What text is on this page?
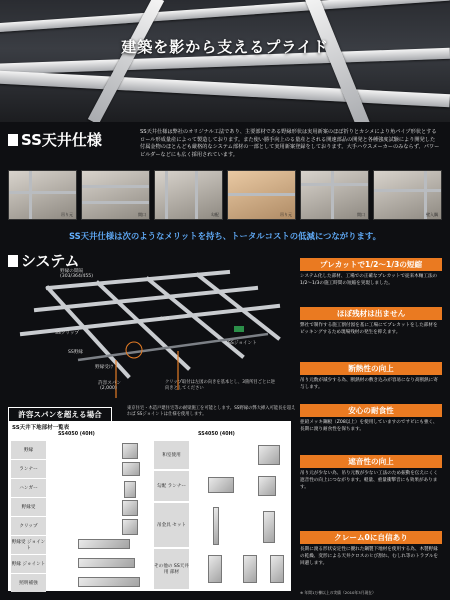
建築を影から支えるプライド
SS天井仕様	SS天井仕様は弊社のオリジナル工法であり、主要部材である野縁形状は実用新案のほぼ折りとカシメにより角パイプ形状とするロール形成量産によって製造しております。また使い勝手向上のる量産とされる開速部品の開発と各種強度試験により開発した付属金物のほとんども厳格的なシステム部材の一部として実用新案登録をしております。大手ハウスメーカーのみならず、パワービルダーなどにも広く採用されています。
吊り元	開口	勾配	吊り元	開口	壁入隅
SS天井仕様は次のようなメリットを持ち、トータルコストの低減につながります。
システム
野縁の間隔
(303/364/455)
SSクリップ
SS野縁
野縁受け
許容スパン
(2,000)
SSジョイント
900
クリップ取付は左図の向きを基本とし、3箇所目ごとに逆向きとしてください
プレカットで1/2～1/3の短縮
システム化した部材、工場での正確なプレカットで従来木軸工法の1/2～1/3の施工時間の短縮を実現しました。
ほぼ残材は出ません
弊社で制作する施工割付図を基に工場にてプレカットをした部材をピッキングするため現場残材の発生を抑えます。
断熱性の向上
吊り元数が減少する為、断熱材の敷き込みが容易になり高断熱に寄与します。
安心の耐食性
亜鉛メッキ鋼板（Z08以上）を使用していますのでサビにも強く、長期に渡り耐食性を保ちます。
遮音性の向上
吊り元が少ない為、吊り元数が少ない工法のため振動を伝えにくく遮音性の向上につながります。軽量、重量衝撃音にも効果があります。
クレーム0に自信あり
長期に渡る形状安定性に優れた鋼製下地材を使用する為、木製野縁の乾燥、変形による天井クロスのヒび割れ、むしれ等のトラブルを回避します。
※ 年間1万棟以上の実績（2010年3月現在）
許容スパンを超える場合
東京住宅・木造戸建住宅等の耐梁施工を可能とします。SS野縁の弊大挿入可能長を超えれば SSジョイントは仕様を使用します。
SS天井下地部材一覧表
SS4050 (40H)	SS4050 (40H)
野縁
ランナー
ハンガー
野縁受
クリップ
野縁受 ジョイント
野縁 ジョイント
照明補強
和室使用
勾配 ランナー
吊金具 セット
その他の SS天井用 部材
